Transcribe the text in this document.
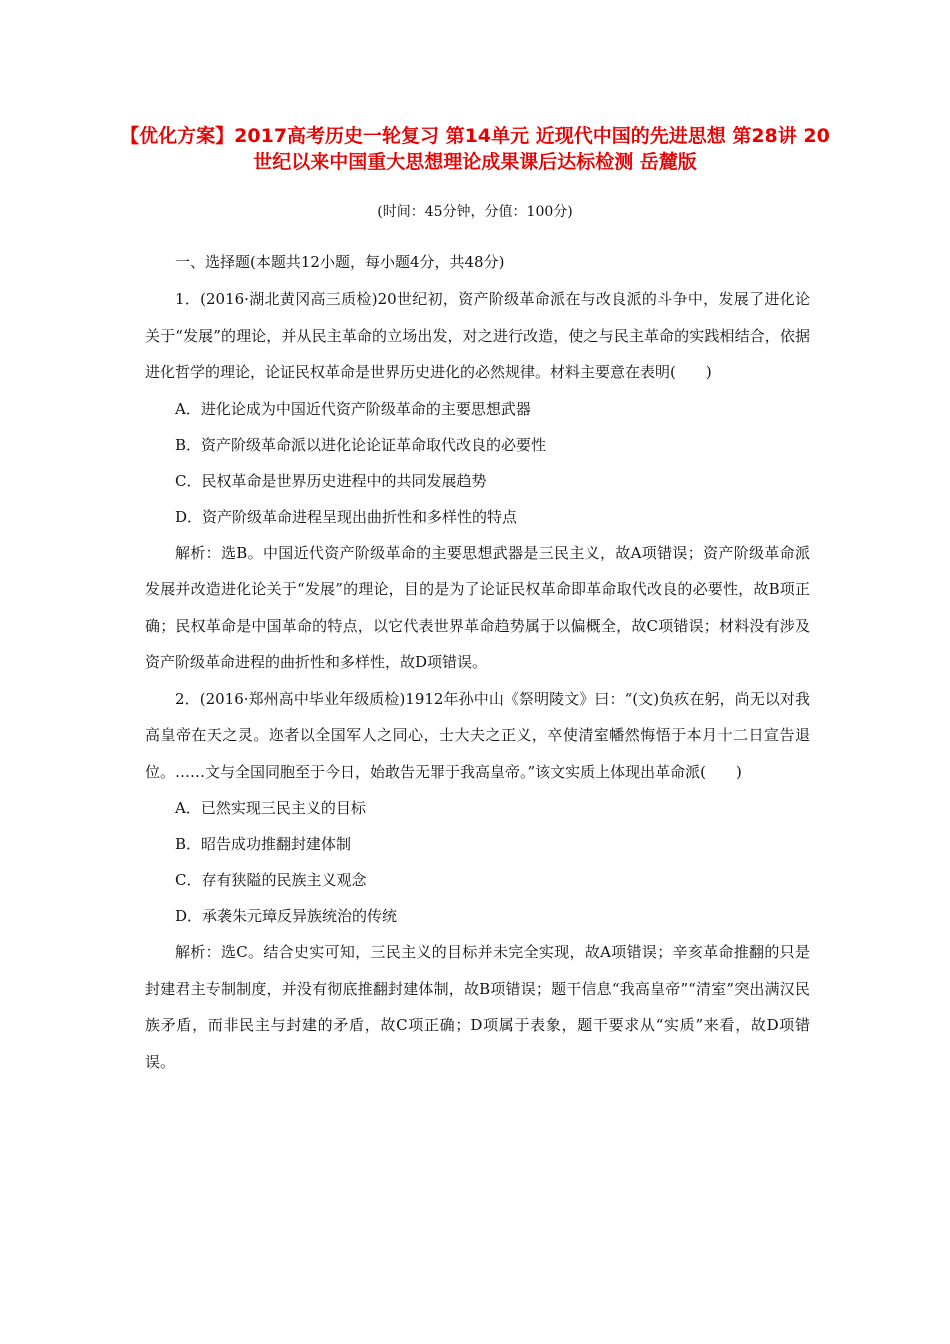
【优化方案】2017高考历史一轮复习 第14单元 近现代中国的先进思想 第28讲 20世纪以来中国重大思想理论成果课后达标检测 岳麓版
(时间：45分钟，分值：100分)

一、选择题(本题共12小题，每小题4分，共48分)

1．(2016·湖北黄冈高三质检)20世纪初，资产阶级革命派在与改良派的斗争中，发展了进化论关于“发展”的理论，并从民主革命的立场出发，对之进行改造，使之与民主革命的实践相结合，依据进化哲学的理论，论证民权革命是世界历史进化的必然规律。材料主要意在表明(　　)

A．进化论成为中国近代资产阶级革命的主要思想武器

B．资产阶级革命派以进化论论证革命取代改良的必要性

C．民权革命是世界历史进程中的共同发展趋势

D．资产阶级革命进程呈现出曲折性和多样性的特点

解析：选B。中国近代资产阶级革命的主要思想武器是三民主义，故A项错误；资产阶级革命派发展并改造进化论关于“发展”的理论，目的是为了论证民权革命即革命取代改良的必要性，故B项正确；民权革命是中国革命的特点，以它代表世界革命趋势属于以偏概全，故C项错误；材料没有涉及资产阶级革命进程的曲折性和多样性，故D项错误。

2．(2016·郑州高中毕业年级质检)1912年孙中山《祭明陵文》曰：“(文)负疚在躬，尚无以对我高皇帝在天之灵。迩者以全国军人之同心，士大夫之正义，卒使清室幡然悔悟于本月十二日宣告退位。……文与全国同胞至于今日，始敢告无罪于我高皇帝。”该文实质上体现出革命派(　　)

A．已然实现三民主义的目标

B．昭告成功推翻封建体制

C．存有狭隘的民族主义观念

D．承袭朱元璋反异族统治的传统

解析：选C。结合史实可知，三民主义的目标并未完全实现，故A项错误；辛亥革命推翻的只是封建君主专制制度，并没有彻底推翻封建体制，故B项错误；题干信息“我高皇帝”“清室”突出满汉民族矛盾，而非民主与封建的矛盾，故C项正确；D项属于表象，题干要求从“实质”来看，故D项错误。
